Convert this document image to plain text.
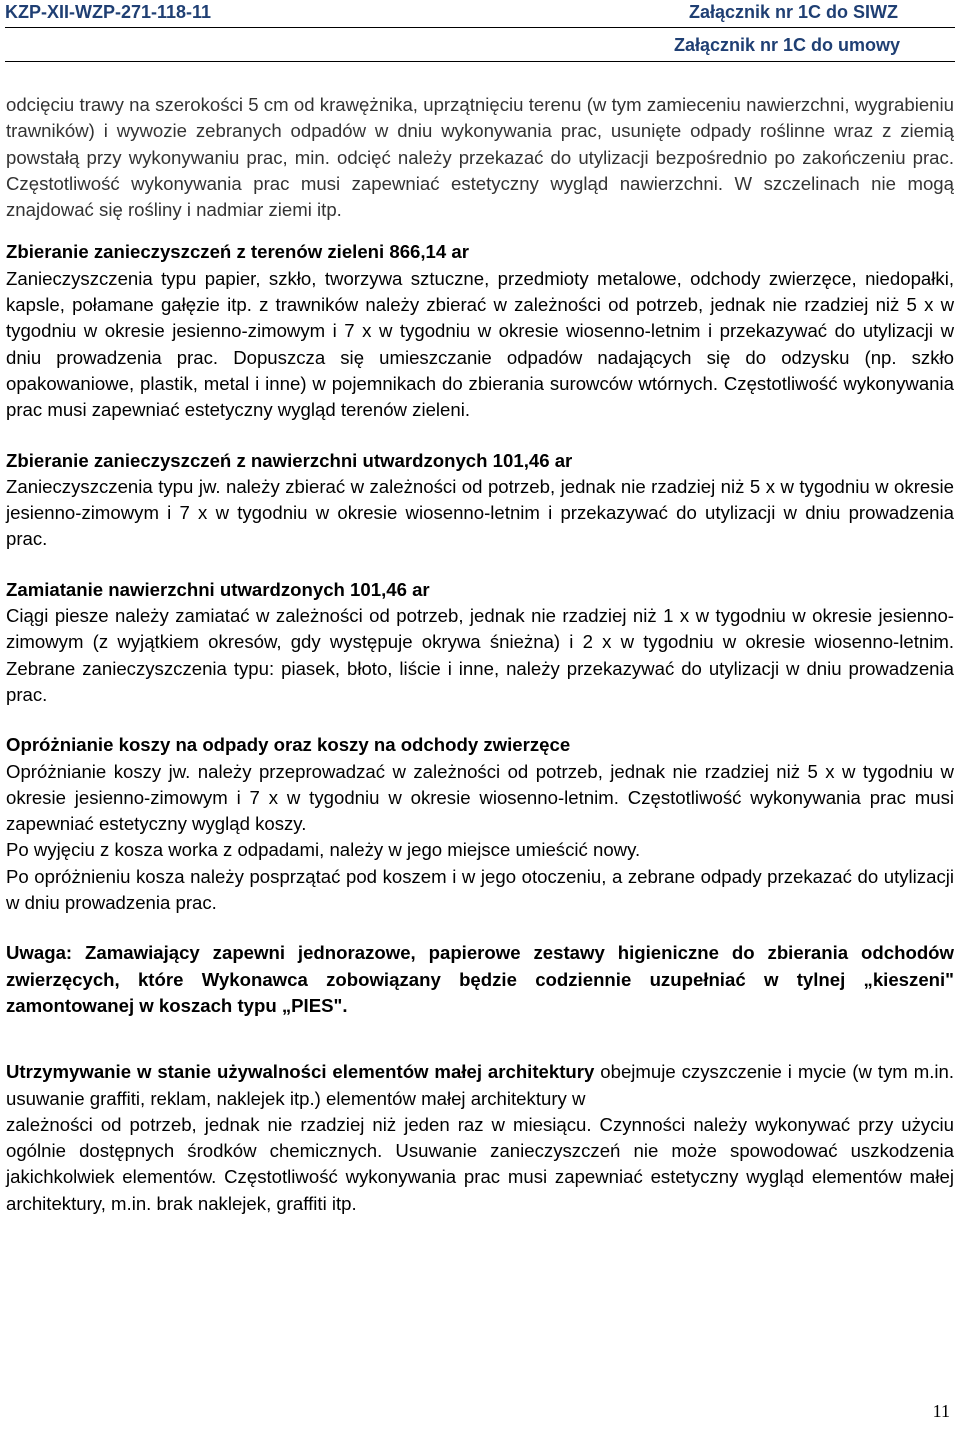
KZP-XII-WZP-271-118-11	Załącznik nr 1C do SIWZ
Załącznik nr 1C do umowy

odcięciu trawy na szerokości 5 cm od krawężnika, uprzątnięciu terenu (w tym zamieceniu nawierzchni, wygrabieniu trawników) i wywozie zebranych odpadów w dniu wykonywania prac, usunięte odpady roślinne wraz z ziemią powstałą przy wykonywaniu prac, min. odcięć należy przekazać do utylizacji bezpośrednio po zakończeniu prac. Częstotliwość wykonywania prac musi zapewniać estetyczny wygląd nawierzchni. W szczelinach nie mogą znajdować się rośliny i nadmiar ziemi itp.

Zbieranie zanieczyszczeń z terenów zieleni 866,14 ar

Zanieczyszczenia typu papier, szkło, tworzywa sztuczne, przedmioty metalowe, odchody zwierzęce, niedopałki, kapsle, połamane gałęzie itp. z trawników należy zbierać w zależności od potrzeb, jednak nie rzadziej niż 5 x w tygodniu w okresie jesienno-zimowym i 7 x w tygodniu w okresie wiosenno-letnim i przekazywać do utylizacji w dniu prowadzenia prac. Dopuszcza się umieszczanie odpadów nadających się do odzysku (np. szkło opakowaniowe, plastik, metal i inne) w pojemnikach do zbierania surowców wtórnych. Częstotliwość wykonywania prac musi zapewniać estetyczny wygląd terenów zieleni.

Zbieranie zanieczyszczeń z nawierzchni utwardzonych 101,46 ar

Zanieczyszczenia typu jw. należy zbierać w zależności od potrzeb, jednak nie rzadziej niż 5 x w tygodniu w okresie jesienno-zimowym i 7 x w tygodniu w okresie wiosenno-letnim i przekazywać do utylizacji w dniu prowadzenia prac.

Zamiatanie nawierzchni utwardzonych 101,46 ar

Ciągi piesze należy zamiatać w zależności od potrzeb, jednak nie rzadziej niż 1 x w tygodniu w okresie jesienno-zimowym (z wyjątkiem okresów, gdy występuje okrywa śnieżna) i 2 x w tygodniu w okresie wiosenno-letnim. Zebrane zanieczyszczenia typu: piasek, błoto, liście i inne, należy przekazywać do utylizacji w dniu prowadzenia prac.

Opróżnianie koszy na odpady oraz koszy na odchody zwierzęce

Opróżnianie koszy jw. należy przeprowadzać w zależności od potrzeb, jednak nie rzadziej niż 5 x w tygodniu w okresie jesienno-zimowym i 7 x w tygodniu w okresie wiosenno-letnim. Częstotliwość wykonywania prac musi zapewniać estetyczny wygląd koszy.

Po wyjęciu z kosza worka z odpadami, należy w jego miejsce umieścić nowy.

Po opróżnieniu kosza należy posprzątać pod koszem i w jego otoczeniu, a zebrane odpady przekazać do utylizacji w dniu prowadzenia prac.

Uwaga: Zamawiający zapewni jednorazowe, papierowe zestawy higieniczne do zbierania odchodów zwierzęcych, które Wykonawca zobowiązany będzie codziennie uzupełniać w tylnej „kieszeni" zamontowanej w koszach typu „PIES".

Utrzymywanie w stanie używalności elementów małej architektury obejmuje czyszczenie i mycie (w tym m.in. usuwanie graffiti, reklam, naklejek itp.) elementów małej architektury w

zależności od potrzeb, jednak nie rzadziej niż jeden raz w miesiącu. Czynności należy wykonywać przy użyciu ogólnie dostępnych środków chemicznych. Usuwanie zanieczyszczeń nie może spowodować uszkodzenia jakichkolwiek elementów. Częstotliwość wykonywania prac musi zapewniać estetyczny wygląd elementów małej architektury, m.in. brak naklejek, graffiti itp.

11
